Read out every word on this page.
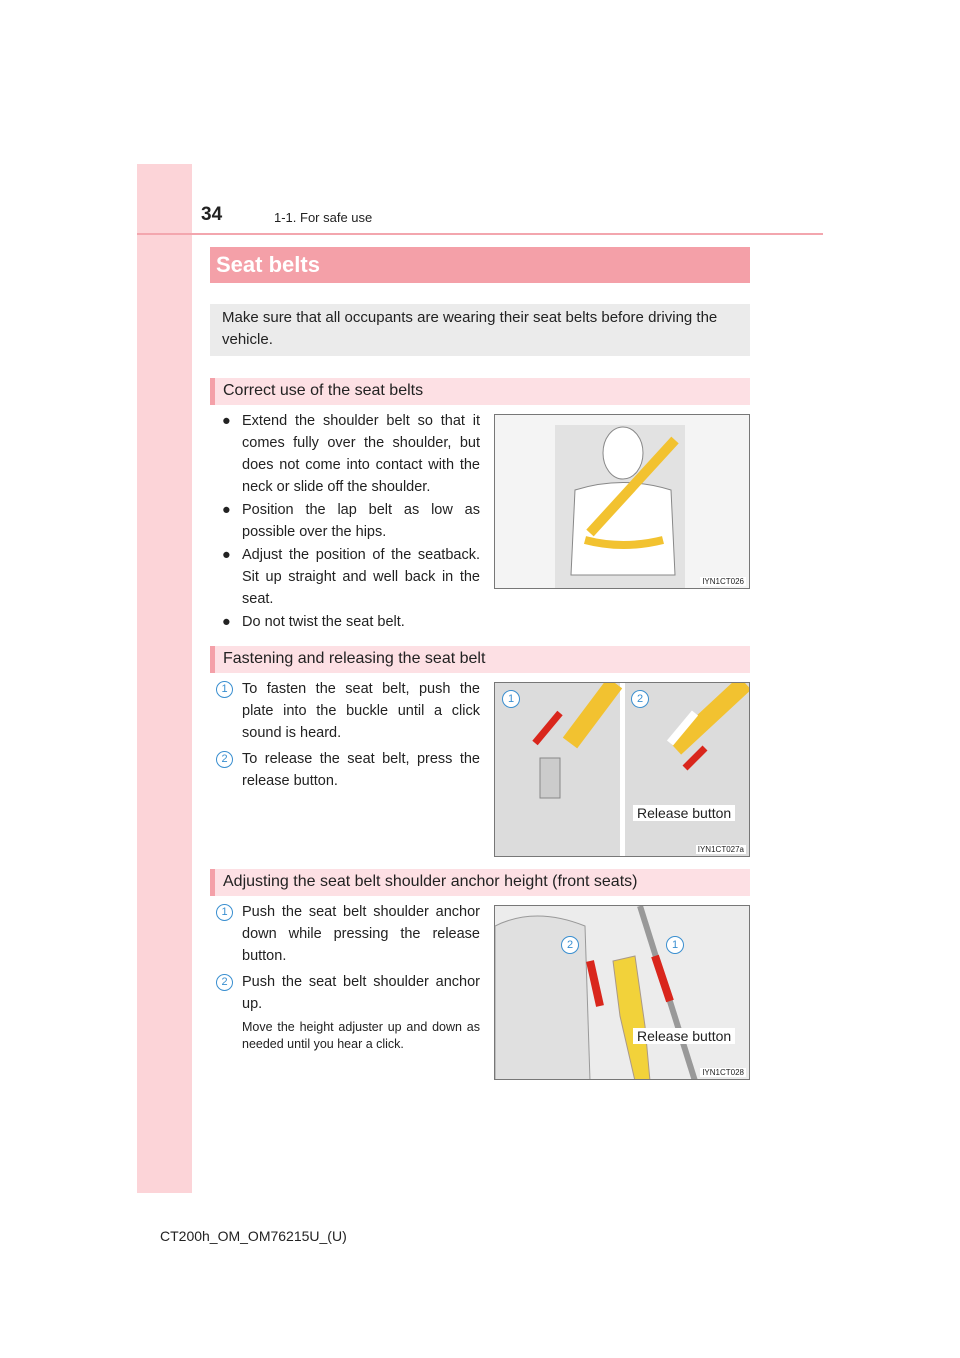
34	1-1. For safe use
Seat belts

Make sure that all occupants are wearing their seat belts before driving the vehicle.

Correct use of the seat belts
● Extend the shoulder belt so that it comes fully over the shoulder, but does not come into contact with the neck or slide off the shoulder.
● Position the lap belt as low as possible over the hips.
● Adjust the position of the seatback. Sit up straight and well back in the seat.
● Do not twist the seat belt.
IYN1CT026
Fastening and releasing the seat belt
1 To fasten the seat belt, push the plate into the buckle until a click sound is heard.
2 To release the seat belt, press the release button.
1	2
Release button
IYN1CT027a
Adjusting the seat belt shoulder anchor height (front seats)
1 Push the seat belt shoulder anchor down while pressing the release button.
2 Push the seat belt shoulder anchor up.
Move the height adjuster up and down as needed until you hear a click.
2	1
Release button
IYN1CT028
CT200h_OM_OM76215U_(U)
